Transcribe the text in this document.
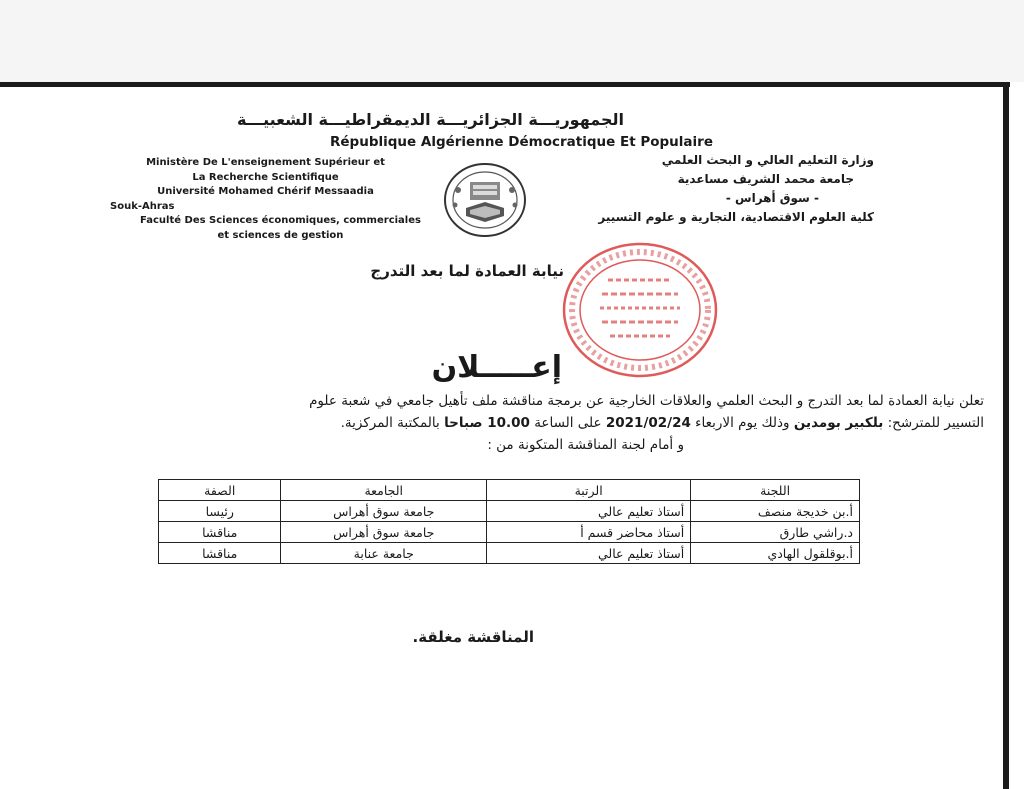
الجمهوريـــة الجزائريـــة الديمقراطيـــة الشعبيـــة
République Algérienne Démocratique Et Populaire
Ministère De L'enseignement Supérieur et
La Recherche Scientifique
Université Mohamed Chérif Messaadia
Souk-Ahras
Faculté Des Sciences économiques, commerciales
et sciences de gestion
وزارة التعليم العالي و البحث العلمي
جامعة محمد الشريف مساعدية
- سوق أهراس -
كلية العلوم الاقتصادية، التجارية و علوم التسيير
نيابة العمادة لما بعد التدرج
إعـــــلان

تعلن نيابة العمادة لما بعد التدرج و البحث العلمي والعلاقات الخارجية عن برمجة مناقشة ملف تأهيل جامعي في شعبة علوم

التسيير للمترشح: بلكبير بومدين وذلك يوم الاربعاء 2021/02/24 على الساعة 10.00 صباحا بالمكتبة المركزية.

و أمام لجنة المناقشة المتكونة من :

اللجنة	الرتبة	الجامعة	الصفة
أ.بن خديجة منصف	أستاذ تعليم عالي	جامعة سوق أهراس	رئيسا
د.راشي طارق	أستاذ محاضر قسم أ	جامعة سوق أهراس	مناقشا
أ.بوقلقول الهادي	أستاذ تعليم عالي	جامعة عنابة	مناقشا
المناقشة مغلقة.
